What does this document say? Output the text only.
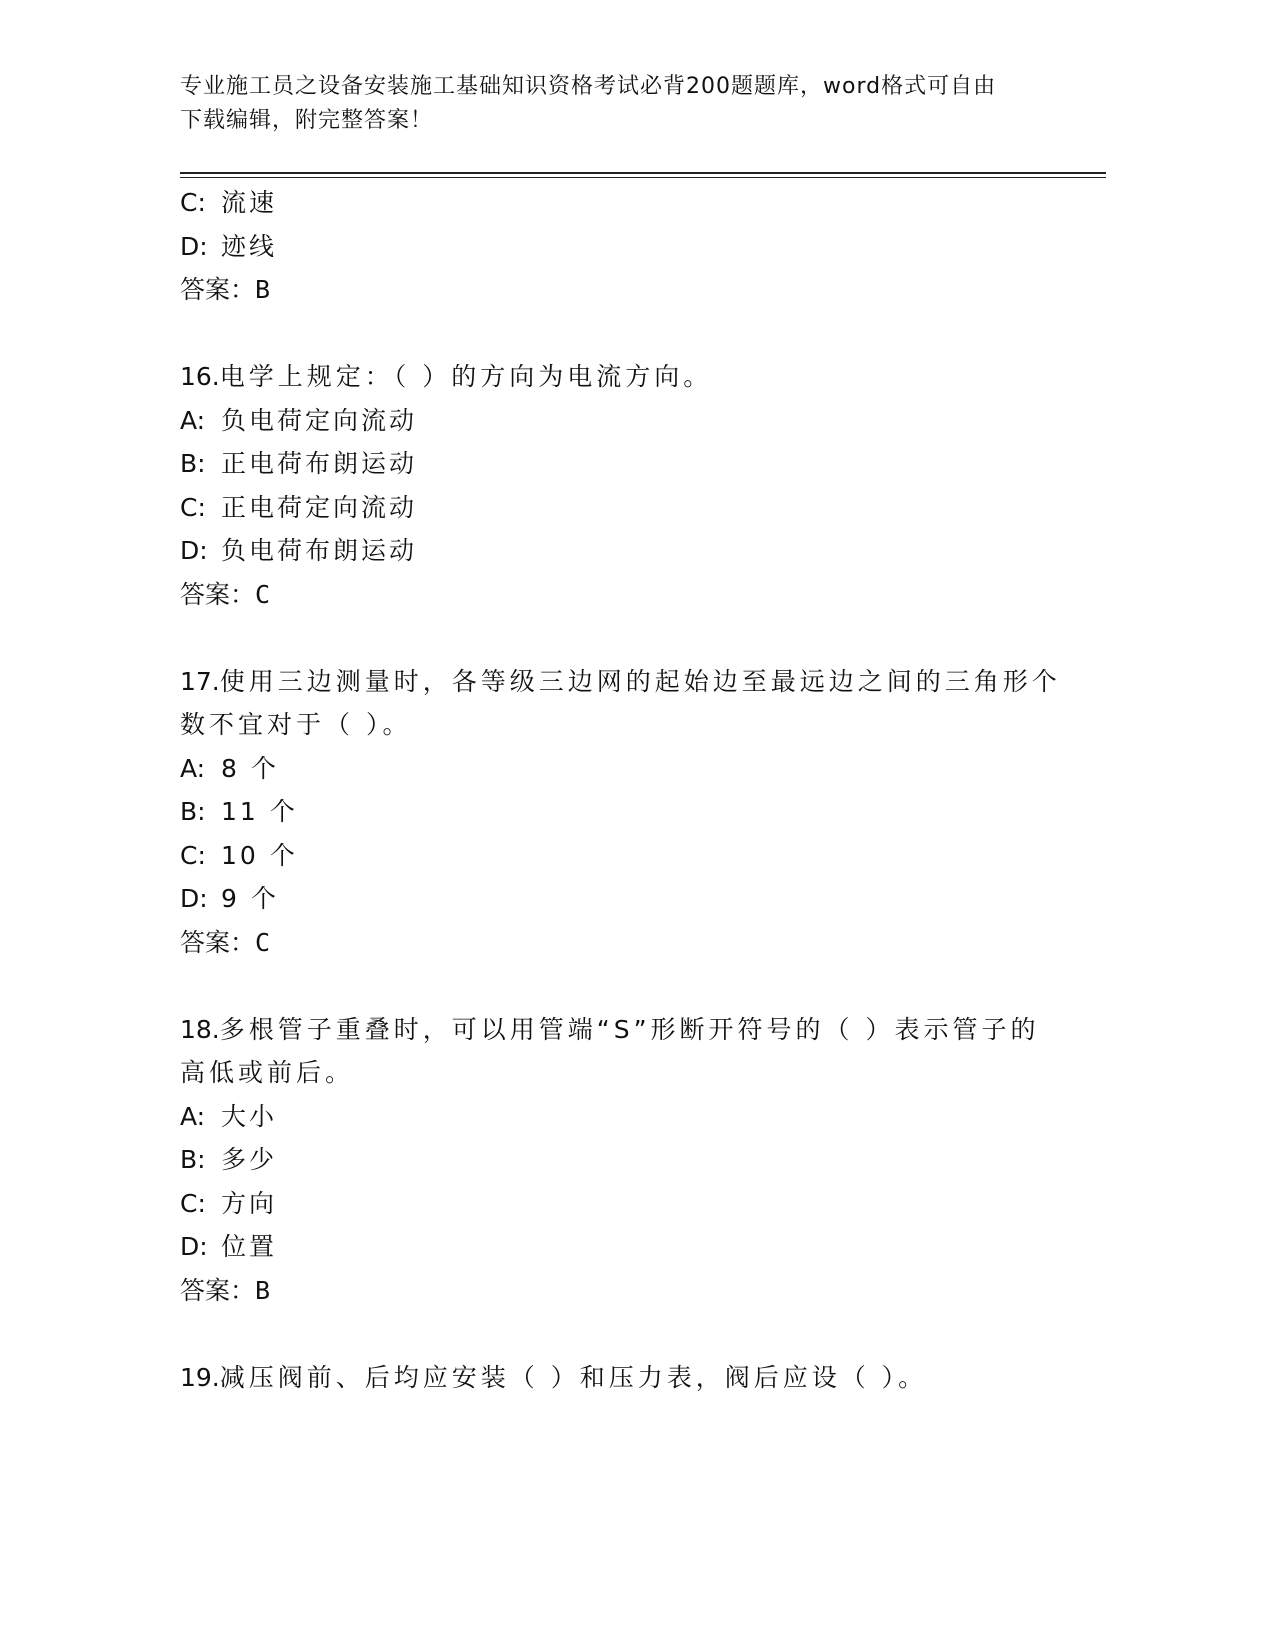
专业施工员之设备安装施工基础知识资格考试必背200题题库，word格式可自由
下载编辑，附完整答案！
C: 流速
D: 迹线
答案：B
16.电学上规定：（ ）的方向为电流方向。
A: 负电荷定向流动
B: 正电荷布朗运动
C: 正电荷定向流动
D: 负电荷布朗运动
答案：C
17.使用三边测量时，各等级三边网的起始边至最远边之间的三角形个
数不宜对于（ ）。
A: 8 个
B: 11 个
C: 10 个
D: 9 个
答案：C
18.多根管子重叠时，可以用管端“S”形断开符号的（ ）表示管子的
高低或前后。
A: 大小
B: 多少
C: 方向
D: 位置
答案：B
19.减压阀前、后均应安装（ ）和压力表，阀后应设（ ）。
